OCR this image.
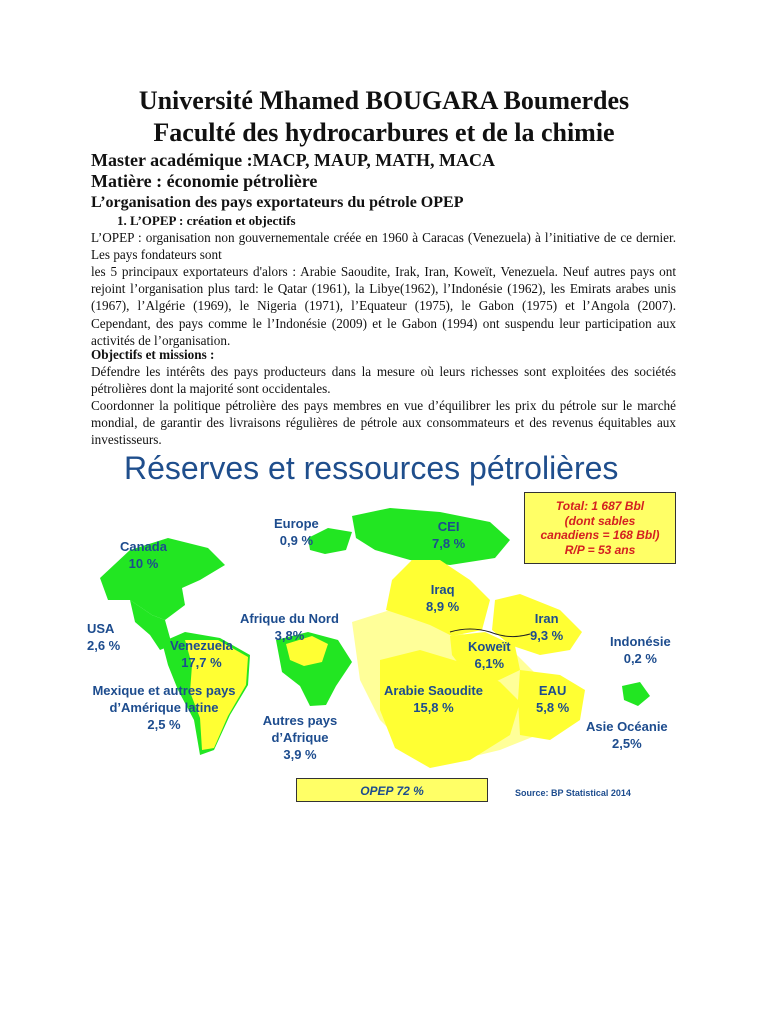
Université Mhamed BOUGARA Boumerdes
Faculté des hydrocarbures et de la chimie

Master académique :MACP, MAUP, MATH, MACA

Matière : économie pétrolière

L’organisation des pays exportateurs du pétrole OPEP

1. L’OPEP : création et objectifs

L’OPEP : organisation non gouvernementale créée en 1960 à Caracas (Venezuela) à l’initiative de ce dernier. Les pays fondateurs sont

les 5 principaux exportateurs d'alors : Arabie Saoudite, Irak, Iran, Koweït, Venezuela. Neuf autres pays ont rejoint l’organisation plus tard: le Qatar (1961), la Libye(1962), l’Indonésie (1962), les Emirats arabes unis (1967), l’Algérie (1969), le Nigeria (1971), l’Equateur (1975), le Gabon (1975) et l’Angola (2007). Cependant, des pays comme le l’Indonésie (2009) et le Gabon (1994) ont suspendu leur participation aux activités de l’organisation.

Objectifs et missions :

Défendre les intérêts des pays producteurs dans la mesure où leurs richesses sont exploitées des sociétés pétrolières dont la majorité sont occidentales.

Coordonner la politique pétrolière des pays membres en vue d’équilibrer les prix du pétrole sur le marché mondial, de garantir des livraisons régulières de pétrole aux consommateurs et des revenus équitables aux investisseurs.

Réserves et ressources pétrolières

Europe
0,9 %
CEI
7,8 %
Canada
10 %
USA
2,6 %	Venezuela
17,7 %
Afrique du Nord
3,8%
Iraq
8,9 %
Iran
9,3 %
Koweït
6,1%
Indonésie
0,2 %
Mexique et autres pays d’Amérique latine
2,5 %
Arabie Saoudite
15,8 %
EAU
5,8 %
Autres pays d’Afrique
3,9 %
Asie Océanie
2,5%
Total: 1 687 Bbl
(dont sables
canadiens = 168 Bbl)
R/P = 53 ans
OPEP 72 %	Source: BP Statistical 2014
